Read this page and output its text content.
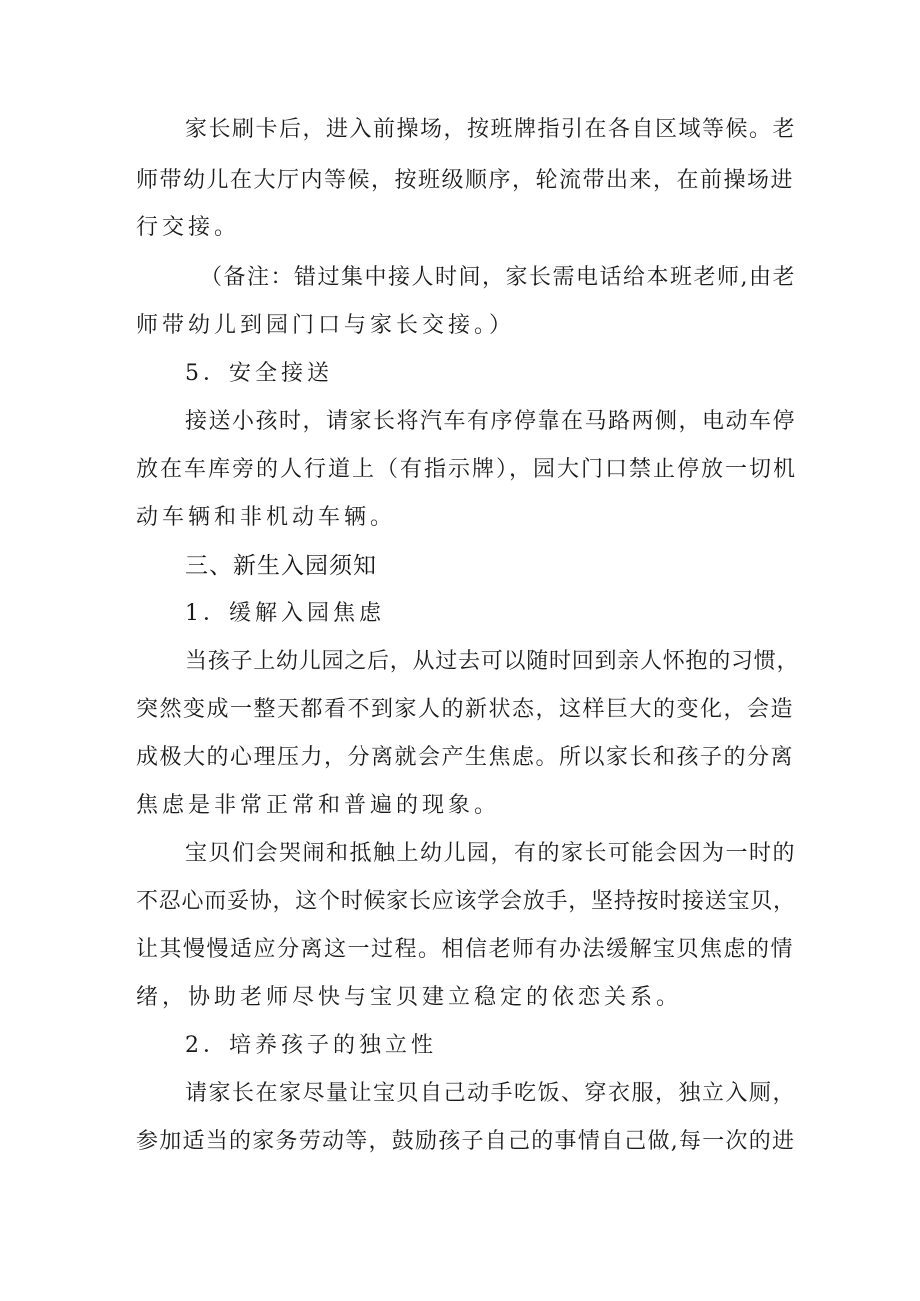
家长刷卡后，进入前操场，按班牌指引在各自区域等候。老
师带幼儿在大厅内等候，按班级顺序，轮流带出来，在前操场进
行交接。
（备注：错过集中接人时间，家长需电话给本班老师,由老
师带幼儿到园门口与家长交接。）
5．安全接送
接送小孩时，请家长将汽车有序停靠在马路两侧，电动车停
放在车库旁的人行道上（有指示牌），园大门口禁止停放一切机
动车辆和非机动车辆。
三、新生入园须知
1．缓解入园焦虑
当孩子上幼儿园之后，从过去可以随时回到亲人怀抱的习惯，
突然变成一整天都看不到家人的新状态，这样巨大的变化，会造
成极大的心理压力，分离就会产生焦虑。所以家长和孩子的分离
焦虑是非常正常和普遍的现象。
宝贝们会哭闹和抵触上幼儿园，有的家长可能会因为一时的
不忍心而妥协，这个时候家长应该学会放手，坚持按时接送宝贝，
让其慢慢适应分离这一过程。相信老师有办法缓解宝贝焦虑的情
绪，协助老师尽快与宝贝建立稳定的依恋关系。
2．培养孩子的独立性
请家长在家尽量让宝贝自己动手吃饭、穿衣服，独立入厕，
参加适当的家务劳动等，鼓励孩子自己的事情自己做,每一次的进
